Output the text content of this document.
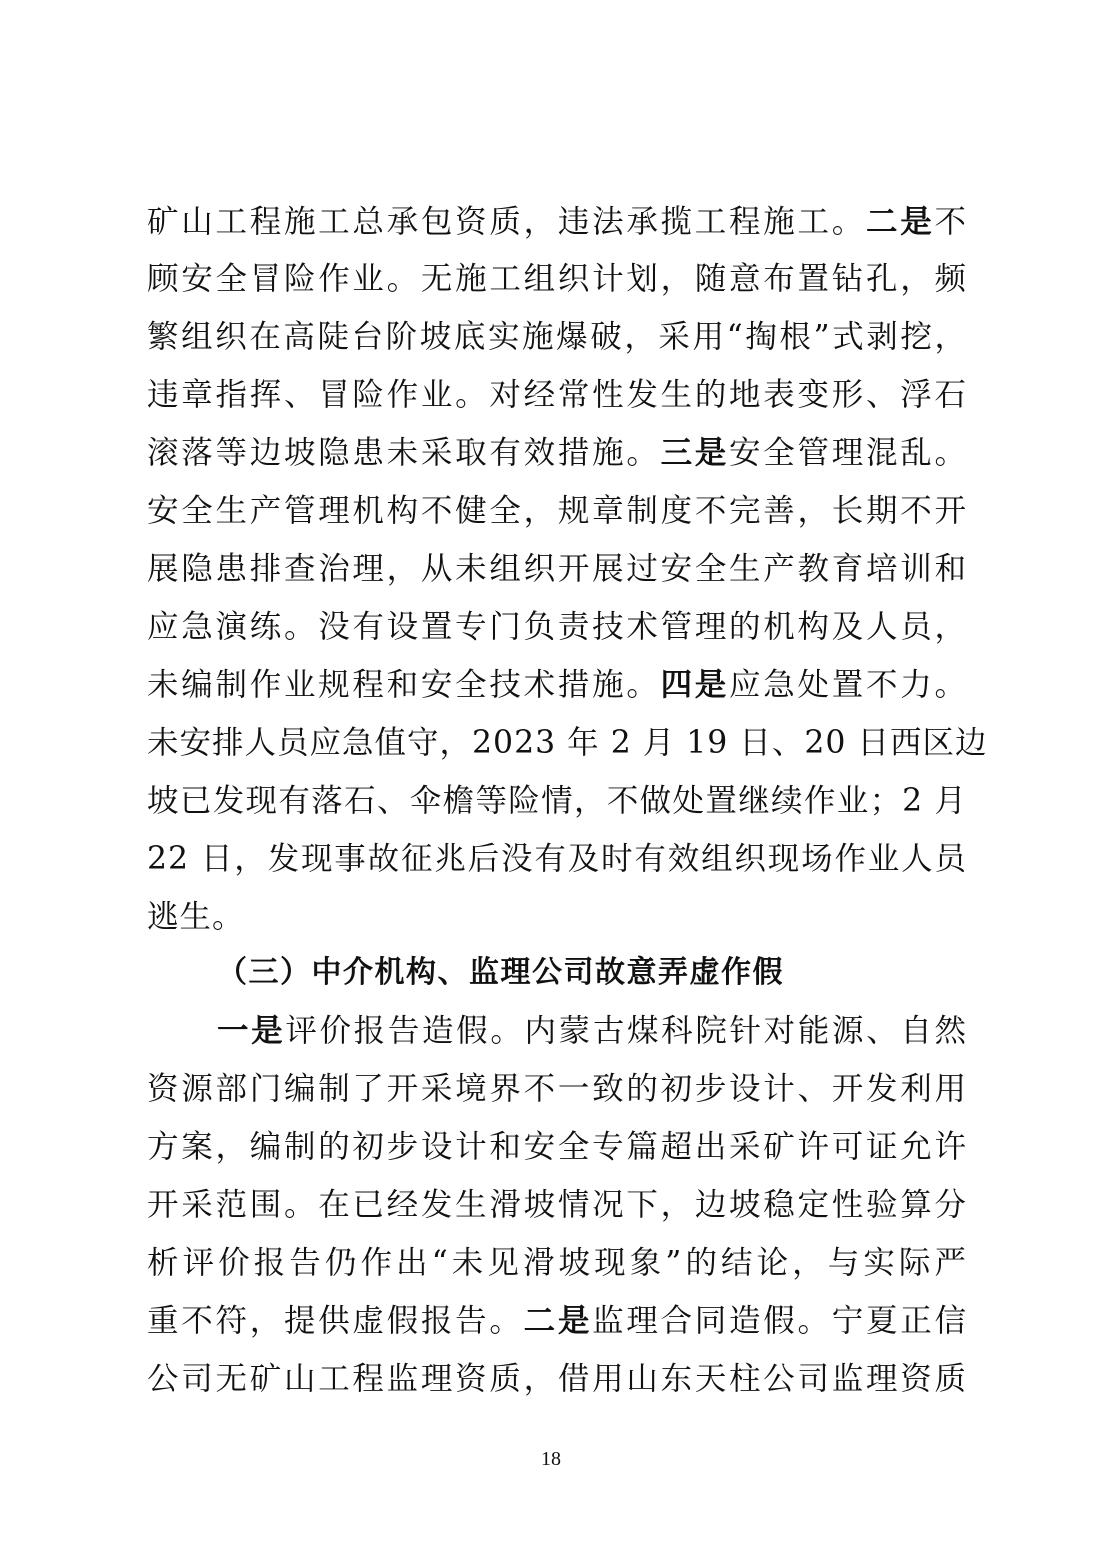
矿山工程施工总承包资质，违法承揽工程施工。二是不
顾安全冒险作业。无施工组织计划，随意布置钻孔，频
繁组织在高陡台阶坡底实施爆破，采用“掏根”式剥挖，
违章指挥、冒险作业。对经常性发生的地表变形、浮石
滚落等边坡隐患未采取有效措施。三是安全管理混乱。
安全生产管理机构不健全，规章制度不完善，长期不开
展隐患排查治理，从未组织开展过安全生产教育培训和
应急演练。没有设置专门负责技术管理的机构及人员，
未编制作业规程和安全技术措施。四是应急处置不力。
未安排人员应急值守，2023 年 2 月 19 日、20 日西区边
坡已发现有落石、伞檐等险情，不做处置继续作业；2 月
22 日，发现事故征兆后没有及时有效组织现场作业人员
逃生。
（三）中介机构、监理公司故意弄虚作假
一是评价报告造假。内蒙古煤科院针对能源、自然
资源部门编制了开采境界不一致的初步设计、开发利用
方案，编制的初步设计和安全专篇超出采矿许可证允许
开采范围。在已经发生滑坡情况下，边坡稳定性验算分
析评价报告仍作出“未见滑坡现象”的结论，与实际严
重不符，提供虚假报告。二是监理合同造假。宁夏正信
公司无矿山工程监理资质，借用山东天柱公司监理资质
18
